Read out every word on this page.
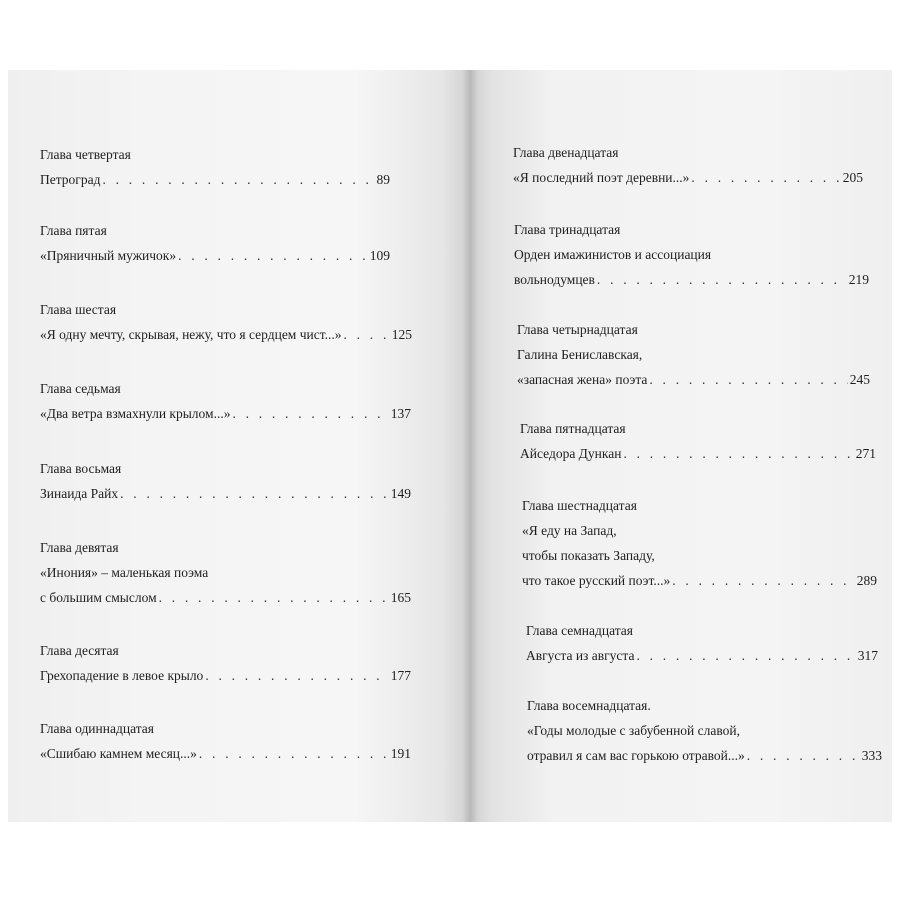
Глава четвертая
Петроград . . .	89
Глава пятая
«Пряничный мужичок» . . .	109
Глава шестая
«Я одну мечту, скрывая, нежу, что я сердцем чист...» . . .	125
Глава седьмая
«Два ветра взмахнули крылом...» . . .	137
Глава восьмая
Зинаида Райх . . .	149
Глава девятая
«Инония» – маленькая поэма
с большим смыслом . . .	165
Глава десятая
Грехопадение в левое крыло . . .	177
Глава одиннадцатая
«Сшибаю камнем месяц...» . . .	191
Глава двенадцатая
«Я последний поэт деревни...» . . .	205
Глава тринадцатая
Орден имажинистов и ассоциация
вольнодумцев . . .	219
Глава четырнадцатая
Галина Бениславская,
«запасная жена» поэта . . .	245
Глава пятнадцатая
Айседора Дункан . . .	271
Глава шестнадцатая
«Я еду на Запад,
чтобы показать Западу,
что такое русский поэт...» . . .	289
Глава семнадцатая
Августа из августа . . .	317
Глава восемнадцатая.
«Годы молодые с забубенной славой,
отравил я сам вас горькою отравой...» . . .	333
